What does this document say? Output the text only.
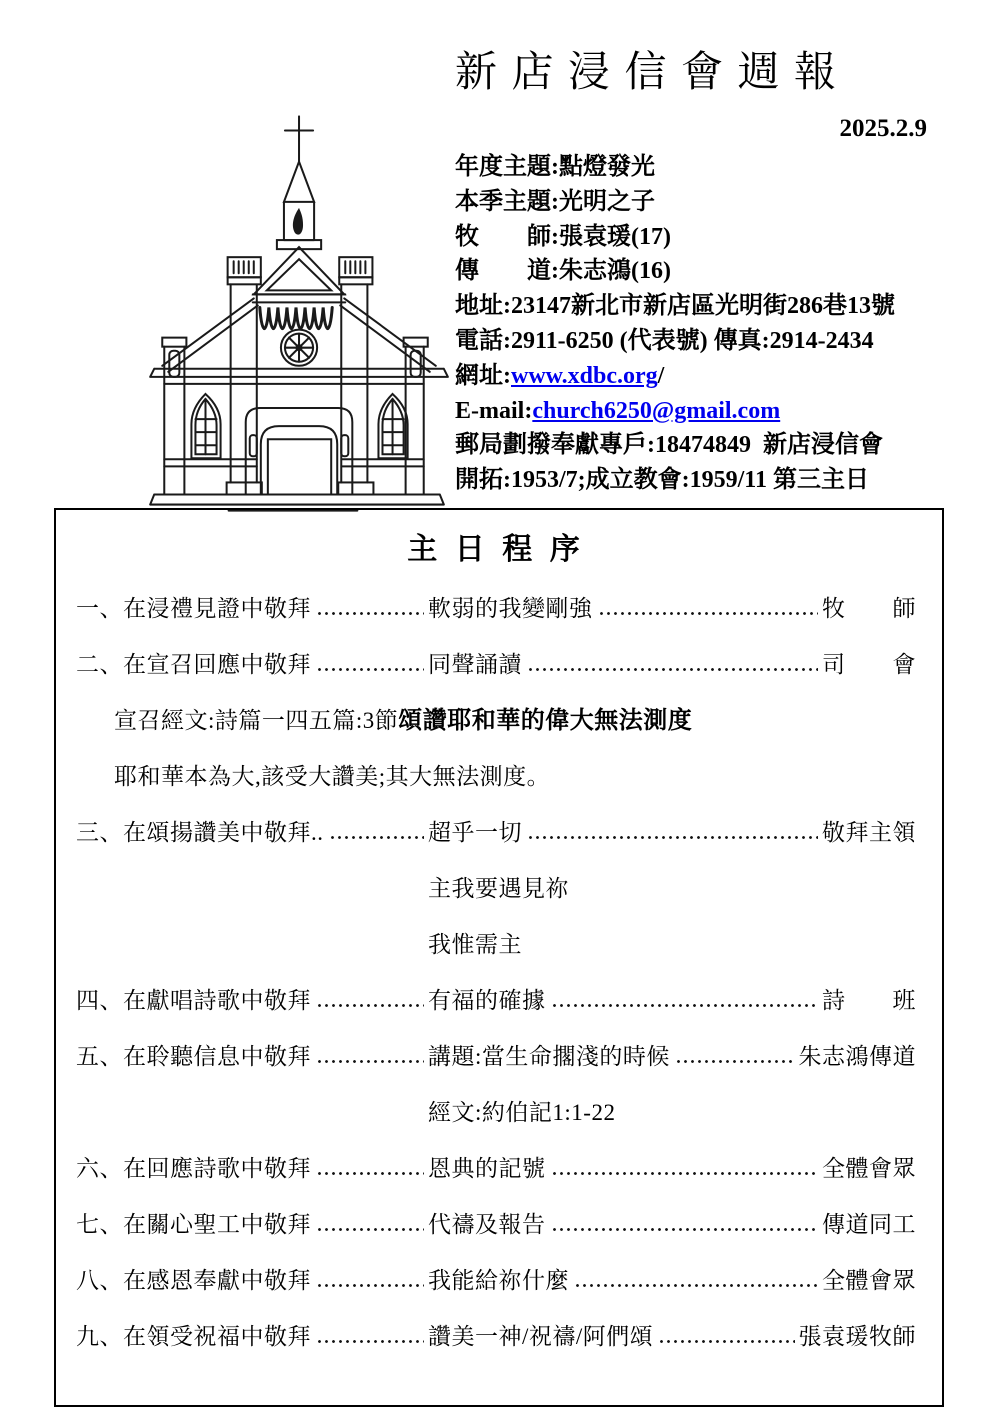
新 店 浸 信 會 週 報
2025.2.9
年度主題:點燈發光
本季主題:光明之子
牧　　師:張袁瑗(17)
傳　　道:朱志鴻(16)
地址:23147新北市新店區光明街286巷13號
電話:2911-6250 (代表號) 傳真:2914-2434
網址:www.xdbc.org/
E-mail:church6250@gmail.com
郵局劃撥奉獻專戶:18474849  新店浸信會
開拓:1953/7;成立教會:1959/11 第三主日
主 日 程 序
一、在浸禮見證中敬拜	軟弱的我變剛強	牧　　師
二、在宣召回應中敬拜	同聲誦讀	司　　會
宣召經文:詩篇一四五篇:3節 頌讚耶和華的偉大無法測度
耶和華本為大,該受大讚美;其大無法測度。
三、在頌揚讚美中敬拜..	超乎一切	敬拜主領
主我要遇見祢
我惟需主
四、在獻唱詩歌中敬拜	有福的確據	詩　　班
五、在聆聽信息中敬拜	講題:當生命擱淺的時候	朱志鴻傳道
經文:約伯記1:1-22
六、在回應詩歌中敬拜	恩典的記號	全體會眾
七、在關心聖工中敬拜	代禱及報告	傳道同工
八、在感恩奉獻中敬拜	我能給祢什麼	全體會眾
九、在領受祝福中敬拜	讚美一神/祝禱/阿們頌	張袁瑗牧師
